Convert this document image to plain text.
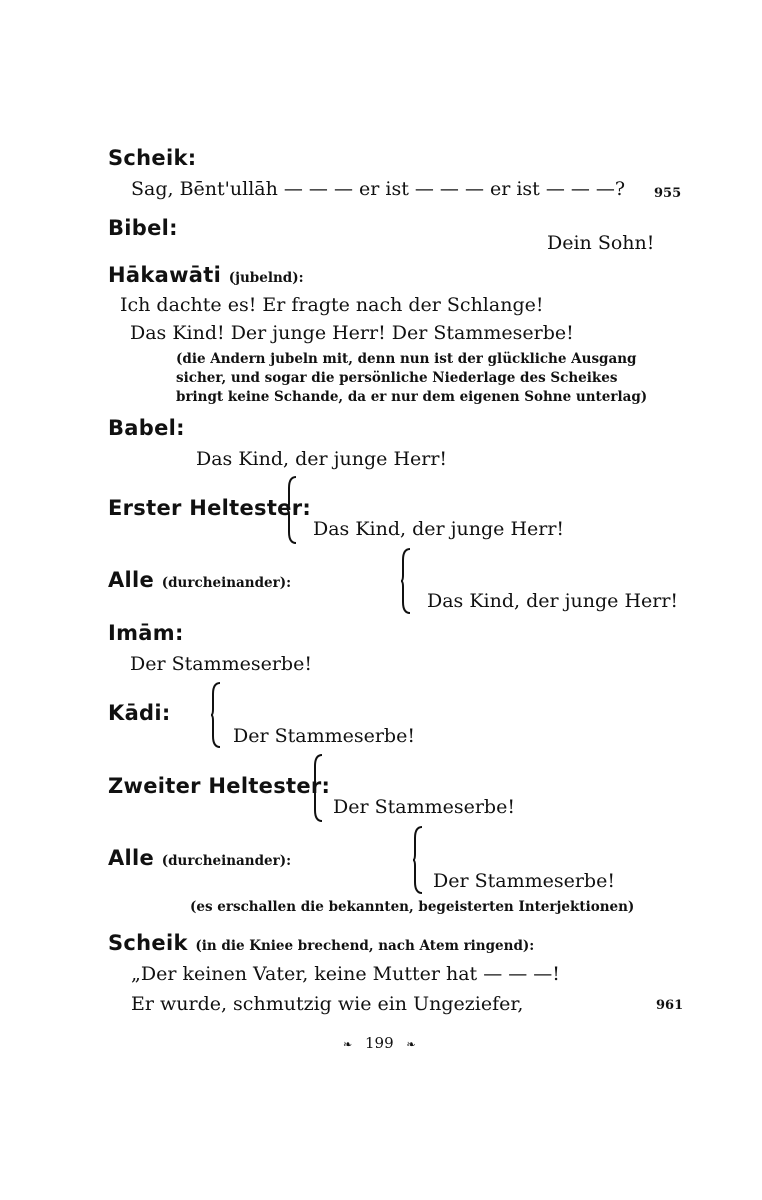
Scheik:
Sag, Bēnt'ullāh — — — er ist — — — er ist — — —? 955
Bibel:
Dein Sohn!
Hākawāti (jubelnd):
Ich dachte es! Er fragte nach der Schlange!
Das Kind! Der junge Herr! Der Stammeserbe!
(die Andern jubeln mit, denn nun ist der glückliche Ausgang sicher, und sogar die persönliche Niederlage des Scheikes bringt keine Schande, da er nur dem eigenen Sohne unterlag)
Babel:
Das Kind, der junge Herr!
Erster Heltester:
Das Kind, der junge Herr!
Alle (durcheinander):
Das Kind, der junge Herr!
Imām:
Der Stammeserbe!
Kādi:
Der Stammeserbe!
Zweiter Heltester:
Der Stammeserbe!
Alle (durcheinander):
Der Stammeserbe!
(es erschallen die bekannten, begeisterten Interjektionen)
Scheik (in die Kniee brechend, nach Atem ringend):
„Der keinen Vater, keine Mutter hat — — —!
Er wurde, schmutzig wie ein Ungeziefer,	961
❧ 199 ❧
